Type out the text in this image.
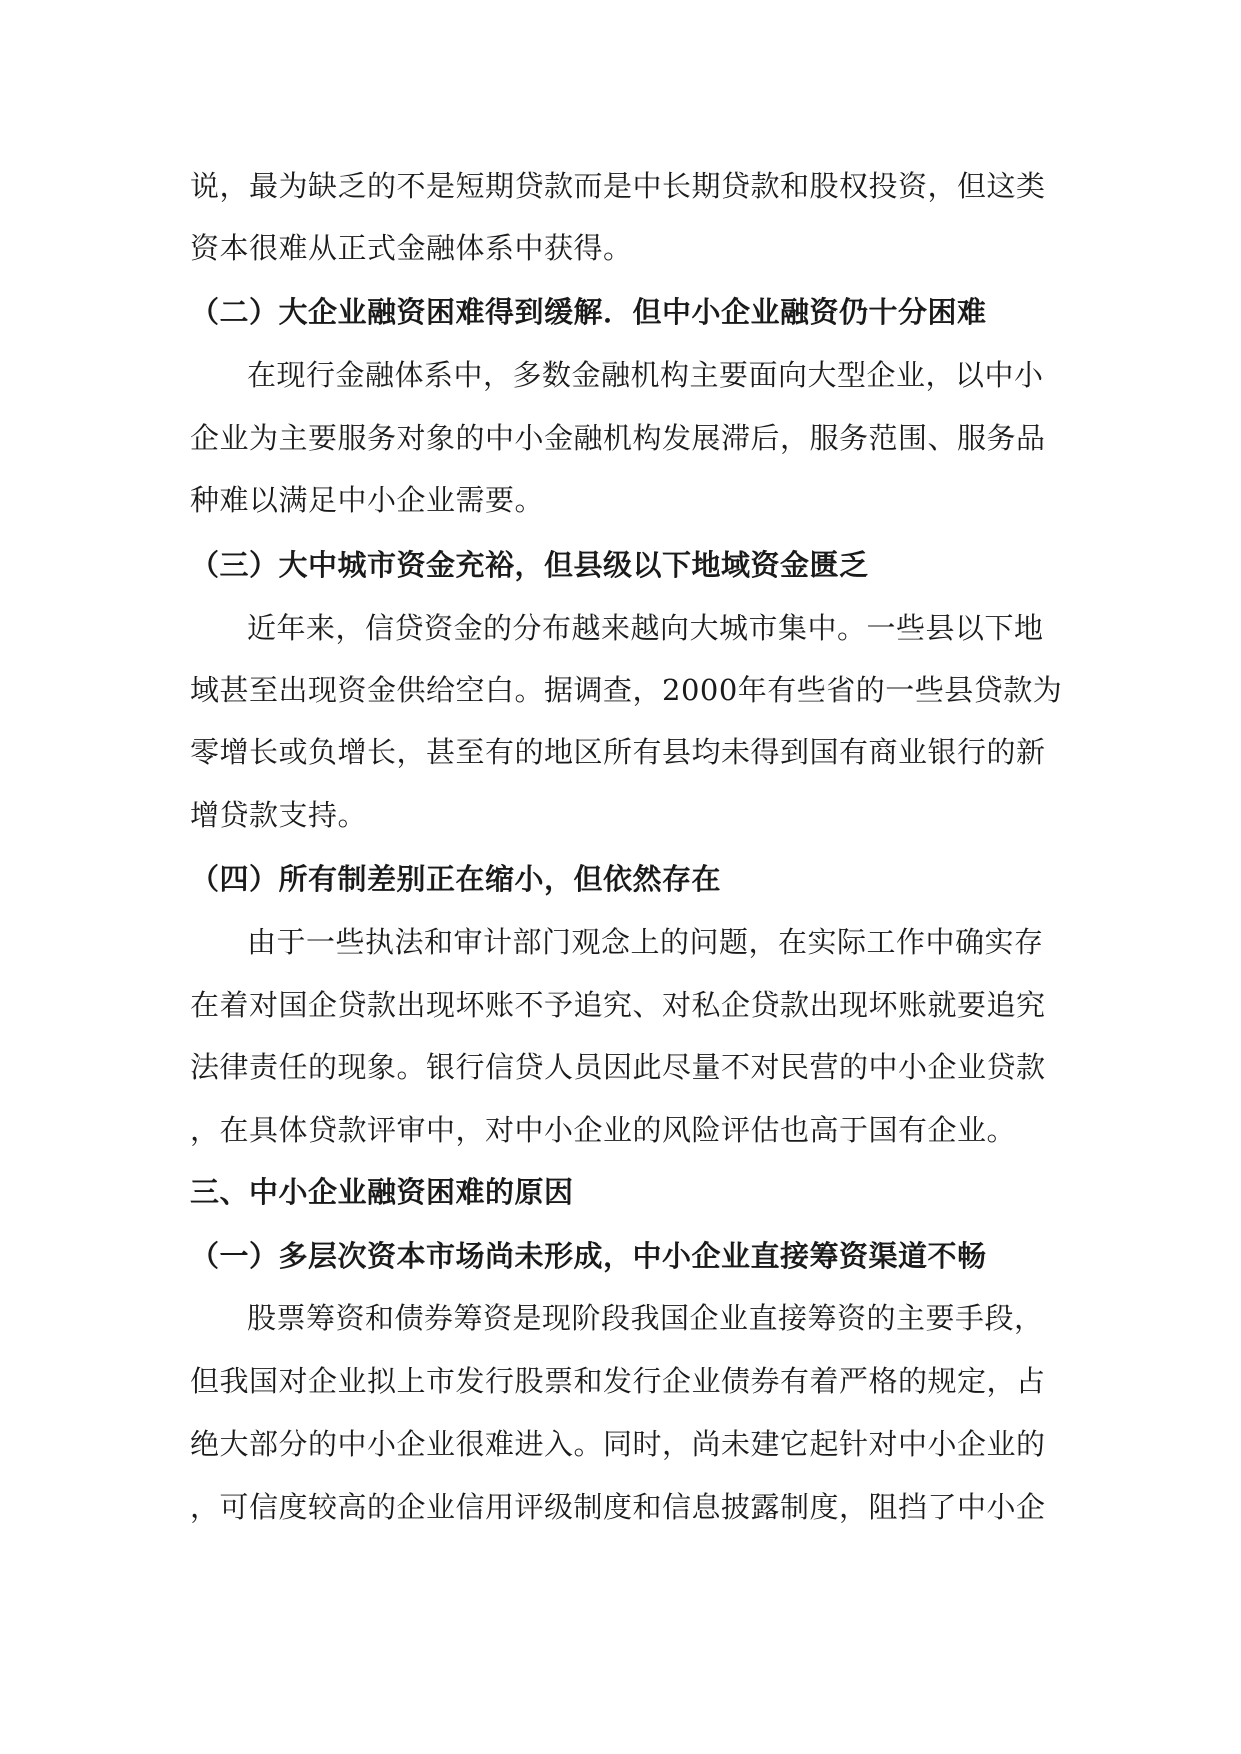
说，最为缺乏的不是短期贷款而是中长期贷款和股权投资，但这类
资本很难从正式金融体系中获得。
（二）大企业融资困难得到缓解．但中小企业融资仍十分困难
在现行金融体系中，多数金融机构主要面向大型企业，以中小
企业为主要服务对象的中小金融机构发展滞后，服务范围、服务品
种难以满足中小企业需要。
（三）大中城市资金充裕，但县级以下地域资金匮乏
近年来，信贷资金的分布越来越向大城市集中。一些县以下地
域甚至出现资金供给空白。据调查，2000年有些省的一些县贷款为
零增长或负增长，甚至有的地区所有县均未得到国有商业银行的新
增贷款支持。
（四）所有制差别正在缩小，但依然存在
由于一些执法和审计部门观念上的问题，在实际工作中确实存
在着对国企贷款出现坏账不予追究、对私企贷款出现坏账就要追究
法律责任的现象。银行信贷人员因此尽量不对民营的中小企业贷款
，在具体贷款评审中，对中小企业的风险评估也高于国有企业。
三、中小企业融资困难的原因
（一）多层次资本市场尚未形成，中小企业直接筹资渠道不畅
股票筹资和债券筹资是现阶段我国企业直接筹资的主要手段，
但我国对企业拟上市发行股票和发行企业债券有着严格的规定，占
绝大部分的中小企业很难进入。同时，尚未建它起针对中小企业的
，可信度较高的企业信用评级制度和信息披露制度，阻挡了中小企
